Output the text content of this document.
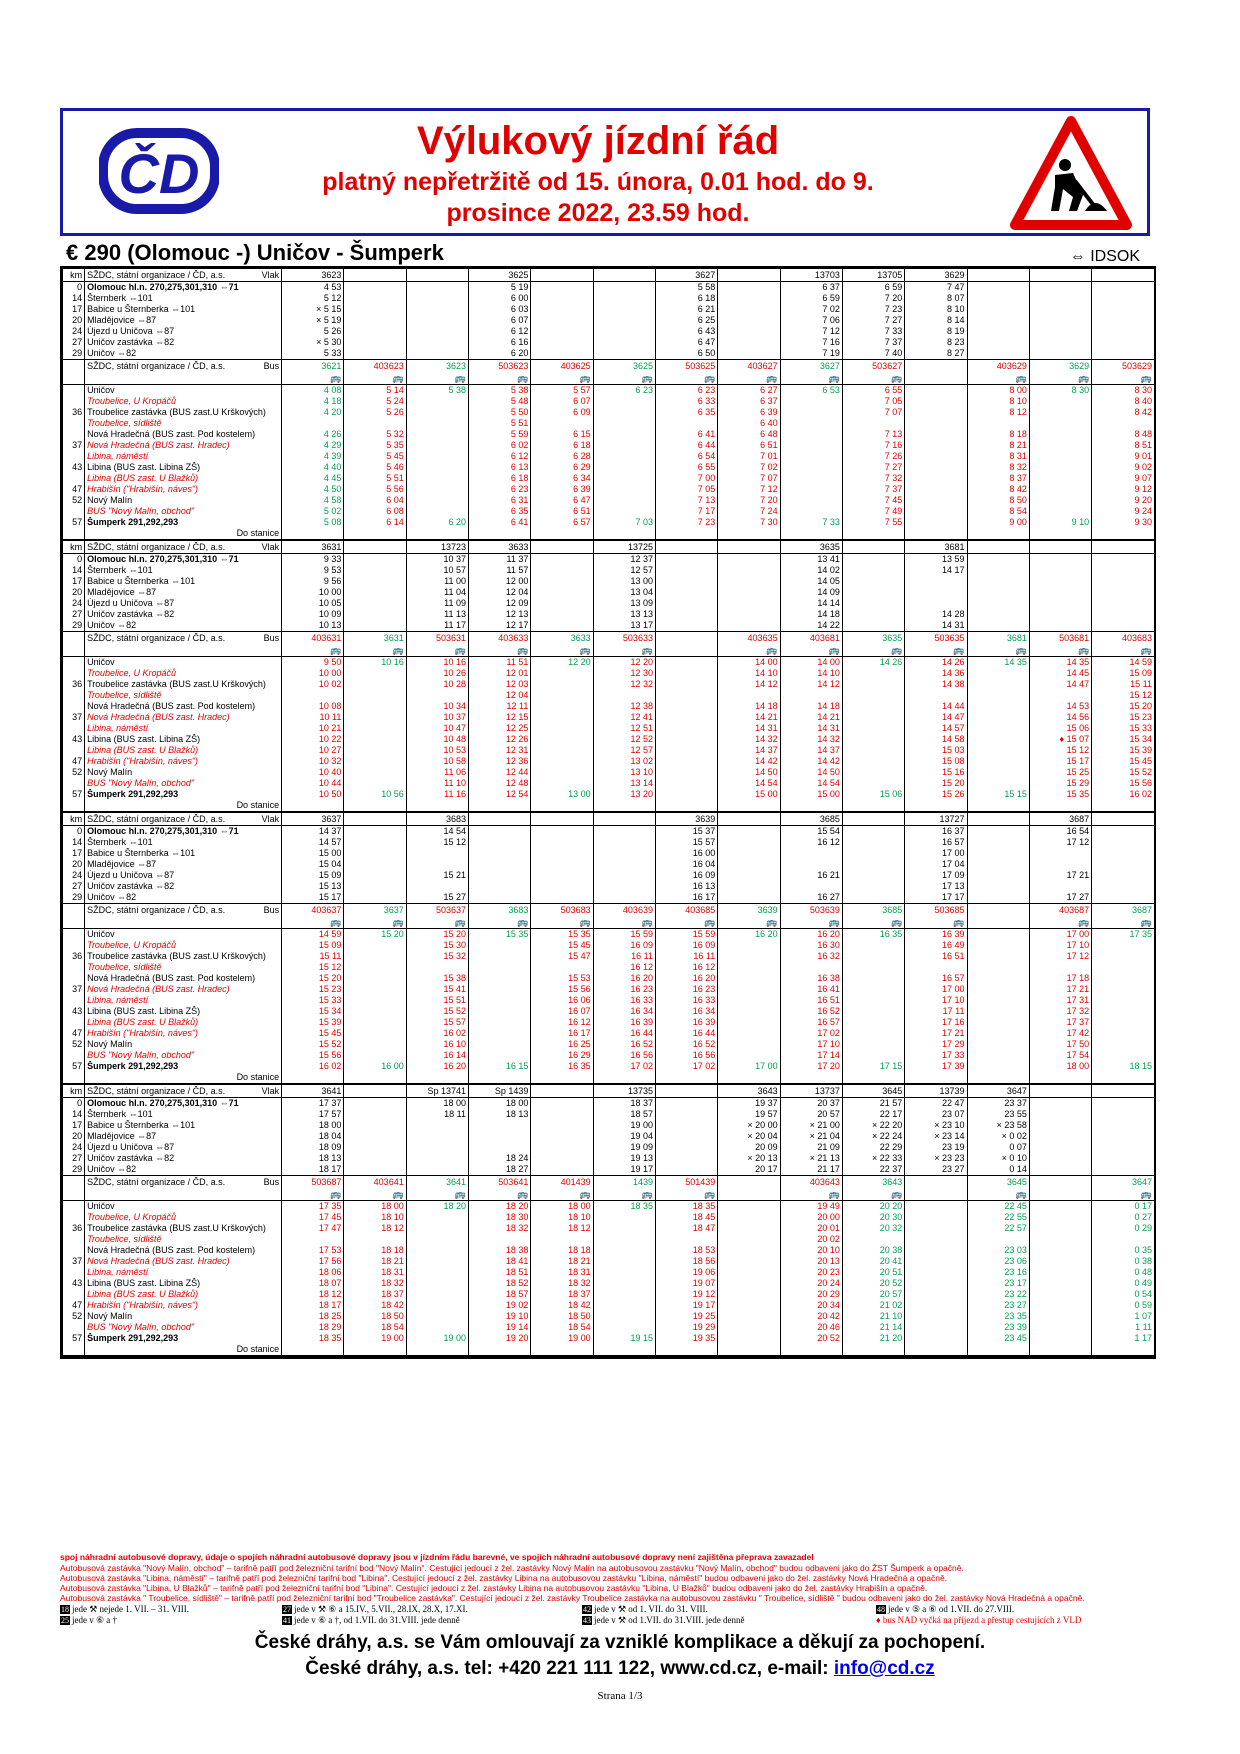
ČD
Výlukový jízdní řád
platný nepřetržitě od 15. února, 0.01 hod. do 9.
prosince 2022, 23.59 hod.
€ 290 (Olomouc -) Uničov - Šumperk	⇔ IDSOK
km	SŽDC, státní organizace / ČD, a.s. Vlak	3623			3625			3627		13703	13705	3629			
0	Olomouc hl.n. 270,275,301,310 ⇔71	4 53			5 19			5 58		6 37	6 59	7 47			
14	Šternberk ⇔101	5 12			6 00			6 18		6 59	7 20	8 07			
17	Babice u Šternberka ⇔101	× 5 15			6 03			6 21		7 02	7 23	8 10			
20	Mladějovice ⇔87	× 5 19			6 07			6 25		7 06	7 27	8 14			
24	Újezd u Uničova ⇔87	5 26			6 12			6 43		7 12	7 33	8 19			
27	Uničov zastávka ⇔82	× 5 30			6 16			6 47		7 16	7 37	8 23			
29	Uničov ⇔82	5 33			6 20			6 50		7 19	7 40	8 27			
	SŽDC, státní organizace / ČD, a.s. Bus	3621	403623	3623	503623	403625	3625	503625	403627	3627	503627		403629	3629	503629
		🚌	🚌	🚌	🚌	🚌	🚌	🚌	🚌	🚌	🚌		🚌	🚌	🚌
	Uničov	4 08	5 14	5 38	5 38	5 57	6 23	6 23	6 27	6 53	6 55		8 00	8 30	8 30
	Troubelice, U Kropáčů	4 18	5 24		5 48	6 07		6 33	6 37		7 05		8 10		8 40
36	Troubelice zastávka (BUS zast.U Krškových)	4 20	5 26		5 50	6 09		6 35	6 39		7 07		8 12		8 42
	Troubelice, sídliště				5 51				6 40						
	Nová Hradečná (BUS zast. Pod kostelem)	4 26	5 32		5 59	6 15		6 41	6 48		7 13		8 18		8 48
37	Nová Hradečná (BUS zast. Hradec)	4 29	5 35		6 02	6 18		6 44	6 51		7 16		8 21		8 51
	Libina, náměstí	4 39	5 45		6 12	6 28		6 54	7 01		7 26		8 31		9 01
43	Libina (BUS zast. Libina ZŠ)	4 40	5 46		6 13	6 29		6 55	7 02		7 27		8 32		9 02
	Libina (BUS zast. U Blažků)	4 45	5 51		6 18	6 34		7 00	7 07		7 32		8 37		9 07
47	Hrabišín ("Hrabišín, náves")	4 50	5 56		6 23	6 39		7 05	7 12		7 37		8 42		9 12
52	Nový Malín	4 58	6 04		6 31	6 47		7 13	7 20		7 45		8 50		9 20
	BUS "Nový Malín, obchod"	5 02	6 08		6 35	6 51		7 17	7 24		7 49		8 54		9 24
57	Šumperk 291,292,293	5 08	6 14	6 20	6 41	6 57	7 03	7 23	7 30	7 33	7 55		9 00	9 10	9 30
	Do stanice														
km	SŽDC, státní organizace / ČD, a.s. Vlak	3631		13723	3633		13725			3635		3681			
0	Olomouc hl.n. 270,275,301,310 ⇔71	9 33		10 37	11 37		12 37			13 41		13 59			
14	Šternberk ⇔101	9 53		10 57	11 57		12 57			14 02		14 17			
17	Babice u Šternberka ⇔101	9 56		11 00	12 00		13 00			14 05					
20	Mladějovice ⇔87	10 00		11 04	12 04		13 04			14 09					
24	Újezd u Uničova ⇔87	10 05		11 09	12 09		13 09			14 14					
27	Uničov zastávka ⇔82	10 09		11 13	12 13		13 13			14 18		14 28			
29	Uničov ⇔82	10 13		11 17	12 17		13 17			14 22		14 31			
	SŽDC, státní organizace / ČD, a.s. Bus	403631	3631	503631	403633	3633	503633		403635	403681	3635	503635	3681	503681	403683
		🚌	🚌	🚌	🚌	🚌	🚌		🚌	🚌	🚌	🚌	🚌	🚌	🚌
	Uničov	9 50	10 16	10 16	11 51	12 20	12 20		14 00	14 00	14 26	14 26	14 35	14 35	14 59
	Troubelice, U Kropáčů	10 00		10 26	12 01		12 30		14 10	14 10		14 36		14 45	15 09
36	Troubelice zastávka (BUS zast.U Krškových)	10 02		10 28	12 03		12 32		14 12	14 12		14 38		14 47	15 11
	Troubelice, sídliště				12 04										15 12
	Nová Hradečná (BUS zast. Pod kostelem)	10 08		10 34	12 11		12 38		14 18	14 18		14 44		14 53	15 20
37	Nová Hradečná (BUS zast. Hradec)	10 11		10 37	12 15		12 41		14 21	14 21		14 47		14 56	15 23
	Libina, náměstí	10 21		10 47	12 25		12 51		14 31	14 31		14 57		15 06	15 33
43	Libina (BUS zast. Libina ZŠ)	10 22		10 48	12 26		12 52		14 32	14 32		14 58		♦ 15 07	15 34
	Libina (BUS zast. U Blažků)	10 27		10 53	12 31		12 57		14 37	14 37		15 03		15 12	15 39
47	Hrabišín ("Hrabišín, náves")	10 32		10 58	12 36		13 02		14 42	14 42		15 08		15 17	15 45
52	Nový Malín	10 40		11 06	12 44		13 10		14 50	14 50		15 16		15 25	15 52
	BUS "Nový Malín, obchod"	10 44		11 10	12 48		13 14		14 54	14 54		15 20		15 29	15 56
57	Šumperk 291,292,293	10 50	10 56	11 16	12 54	13 00	13 20		15 00	15 00	15 06	15 26	15 15	15 35	16 02
	Do stanice														
km	SŽDC, státní organizace / ČD, a.s. Vlak	3637		3683				3639		3685		13727		3687	
0	Olomouc hl.n. 270,275,301,310 ⇔71	14 37		14 54				15 37		15 54		16 37		16 54	
14	Šternberk ⇔101	14 57		15 12				15 57		16 12		16 57		17 12	
17	Babice u Šternberka ⇔101	15 00						16 00				17 00			
20	Mladějovice ⇔87	15 04						16 04				17 04			
24	Újezd u Uničova ⇔87	15 09		15 21				16 09		16 21		17 09		17 21	
27	Uničov zastávka ⇔82	15 13						16 13				17 13			
29	Uničov ⇔82	15 17		15 27				16 17		16 27		17 17		17 27	
	SŽDC, státní organizace / ČD, a.s. Bus	403637	3637	503637	3683	503683	403639	403685	3639	503639	3685	503685		403687	3687
		🚌	🚌	🚌	🚌	🚌	🚌	🚌	🚌	🚌	🚌	🚌		🚌	🚌
	Uničov	14 59	15 20	15 20	15 35	15 35	15 59	15 59	16 20	16 20	16 35	16 39		17 00	17 35
	Troubelice, U Kropáčů	15 09		15 30		15 45	16 09	16 09		16 30		16 49		17 10	
36	Troubelice zastávka (BUS zast.U Krškových)	15 11		15 32		15 47	16 11	16 11		16 32		16 51		17 12	
	Troubelice, sídliště	15 12					16 12	16 12							
	Nová Hradečná (BUS zast. Pod kostelem)	15 20		15 38		15 53	16 20	16 20		16 38		16 57		17 18	
37	Nová Hradečná (BUS zast. Hradec)	15 23		15 41		15 56	16 23	16 23		16 41		17 00		17 21	
	Libina, náměstí	15 33		15 51		16 06	16 33	16 33		16 51		17 10		17 31	
43	Libina (BUS zast. Libina ZŠ)	15 34		15 52		16 07	16 34	16 34		16 52		17 11		17 32	
	Libina (BUS zast. U Blažků)	15 39		15 57		16 12	16 39	16 39		16 57		17 16		17 37	
47	Hrabišín ("Hrabišín, náves")	15 45		16 02		16 17	16 44	16 44		17 02		17 21		17 42	
52	Nový Malín	15 52		16 10		16 25	16 52	16 52		17 10		17 29		17 50	
	BUS "Nový Malín, obchod"	15 56		16 14		16 29	16 56	16 56		17 14		17 33		17 54	
57	Šumperk 291,292,293	16 02	16 00	16 20	16 15	16 35	17 02	17 02	17 00	17 20	17 15	17 39		18 00	18 15
	Do stanice														
km	SŽDC, státní organizace / ČD, a.s. Vlak	3641		Sp 13741	Sp 1439		13735		3643	13737	3645	13739	3647		
0	Olomouc hl.n. 270,275,301,310 ⇔71	17 37		18 00	18 00		18 37		19 37	20 37	21 57	22 47	23 37		
14	Šternberk ⇔101	17 57		18 11	18 13		18 57		19 57	20 57	22 17	23 07	23 55		
17	Babice u Šternberka ⇔101	18 00					19 00		× 20 00	× 21 00	× 22 20	× 23 10	× 23 58		
20	Mladějovice ⇔87	18 04					19 04		× 20 04	× 21 04	× 22 24	× 23 14	× 0 02		
24	Újezd u Uničova ⇔87	18 09					19 09		20 09	21 09	22 29	23 19	0 07		
27	Uničov zastávka ⇔82	18 13			18 24		19 13		× 20 13	× 21 13	× 22 33	× 23 23	× 0 10		
29	Uničov ⇔82	18 17			18 27		19 17		20 17	21 17	22 37	23 27	0 14		
	SŽDC, státní organizace / ČD, a.s. Bus	503687	403641	3641	503641	401439	1439	501439		403643	3643		3645		3647
		🚌	🚌	🚌	🚌	🚌	🚌	🚌		🚌	🚌		🚌		🚌
	Uničov	17 35	18 00	18 20	18 20	18 00	18 35	18 35		19 49	20 20		22 45		0 17
	Troubelice, U Kropáčů	17 45	18 10		18 30	18 10		18 45		20 00	20 30		22 55		0 27
36	Troubelice zastávka (BUS zast.U Krškových)	17 47	18 12		18 32	18 12		18 47		20 01	20 32		22 57		0 29
	Troubelice, sídliště									20 02					
	Nová Hradečná (BUS zast. Pod kostelem)	17 53	18 18		18 38	18 18		18 53		20 10	20 38		23 03		0 35
37	Nová Hradečná (BUS zast. Hradec)	17 56	18 21		18 41	18 21		18 56		20 13	20 41		23 06		0 38
	Libina, náměstí	18 06	18 31		18 51	18 31		19 06		20 23	20 51		23 16		0 48
43	Libina (BUS zast. Libina ZŠ)	18 07	18 32		18 52	18 32		19 07		20 24	20 52		23 17		0 49
	Libina (BUS zast. U Blažků)	18 12	18 37		18 57	18 37		19 12		20 29	20 57		23 22		0 54
47	Hrabišín ("Hrabišín, náves")	18 17	18 42		19 02	18 42		19 17		20 34	21 02		23 27		0 59
52	Nový Malín	18 25	18 50		19 10	18 50		19 25		20 42	21 10		23 35		1 07
	BUS "Nový Malín, obchod"	18 29	18 54		19 14	18 54		19 29		20 46	21 14		23 39		1 11
57	Šumperk 291,292,293	18 35	19 00	19 00	19 20	19 00	19 15	19 35		20 52	21 20		23 45		1 17
	Do stanice														
spoj náhradní autobusové dopravy, údaje o spojích náhradní autobusové dopravy jsou v jízdním řádu barevné, ve spojích náhradní autobusové dopravy není zajištěna přeprava zavazadel
Autobusová zastávka "Nový Malín, obchod" – tarifně patří pod železniční tarifní bod "Nový Malín". Cestující jedoucí z žel. zastávky Nový Malín na autobusovou zastávku "Nový Malín, obchod" budou odbaveni jako do ŽST Šumperk a opačně.
Autobusová zastávka "Libina, náměstí" – tarifně patří pod železniční tarifní bod "Libina". Cestující jedoucí z žel. zastávky Libina na autobusovou zastávku "Libina, náměstí" budou odbaveni jako do žel. zastávky Nová Hradečná a opačně.
Autobusová zastávka "Libina, U Blažků" – tarifně patří pod železniční tarifní bod "Libina". Cestující jedoucí z žel. zastávky Libina na autobusovou zastávku "Libina, U Blažků" budou odbaveni jako do žel. zastávky Hrabišín a opačně.
Autobusová zastávka " Troubelice, sídliště" – tarifně patří pod železniční tarifní bod "Troubelice zastávka". Cestující jedoucí z žel. zastávky Troubelice zastávka na autobusovou zastávku " Troubelice, sídliště " budou odbaveni jako do žel. zastávky Nová Hradečná a opačně.
18 jede ⚒ nejede 1. VII. – 31. VIII.	27 jede v ⚒ ⑥ a 15.IV., 5.VII., 28.IX, 28.X, 17.XI.	42 jede v ⚒ od 1. VII. do 31. VIII.	48 jede v ⑤ a ⑥ od 1.VII. do 27.VIII.
25 jede v ⑥ a †	41 jede v ⑥ a †, od 1.VII. do 31.VIII. jede denně	43 jede v ⚒ od 1.VII. do 31.VIII. jede denně	♦ bus NAD vyčká na příjezd a přestup cestujících z VLD
České dráhy, a.s. se Vám omlouvají za vzniklé komplikace a děkují za pochopení.
České dráhy, a.s. tel: +420 221 111 122, www.cd.cz, e-mail: info@cd.cz
Strana 1/3
